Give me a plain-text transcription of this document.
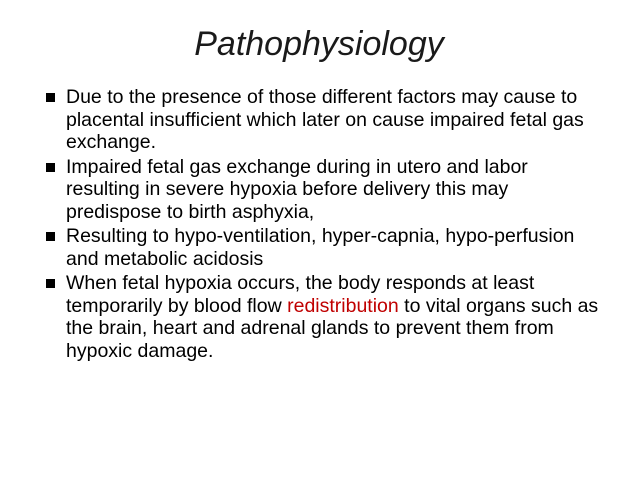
Pathophysiology
Due to the presence of those different factors may cause to placental insufficient which later on cause impaired fetal gas exchange.
Impaired fetal gas exchange during in utero and labor resulting in severe hypoxia before delivery this may predispose to birth asphyxia,
Resulting to hypo-ventilation, hyper-capnia, hypo-perfusion and metabolic acidosis
When fetal hypoxia occurs, the body responds at least temporarily by blood flow redistribution to vital organs such as the brain, heart and adrenal glands to prevent them from hypoxic damage.
